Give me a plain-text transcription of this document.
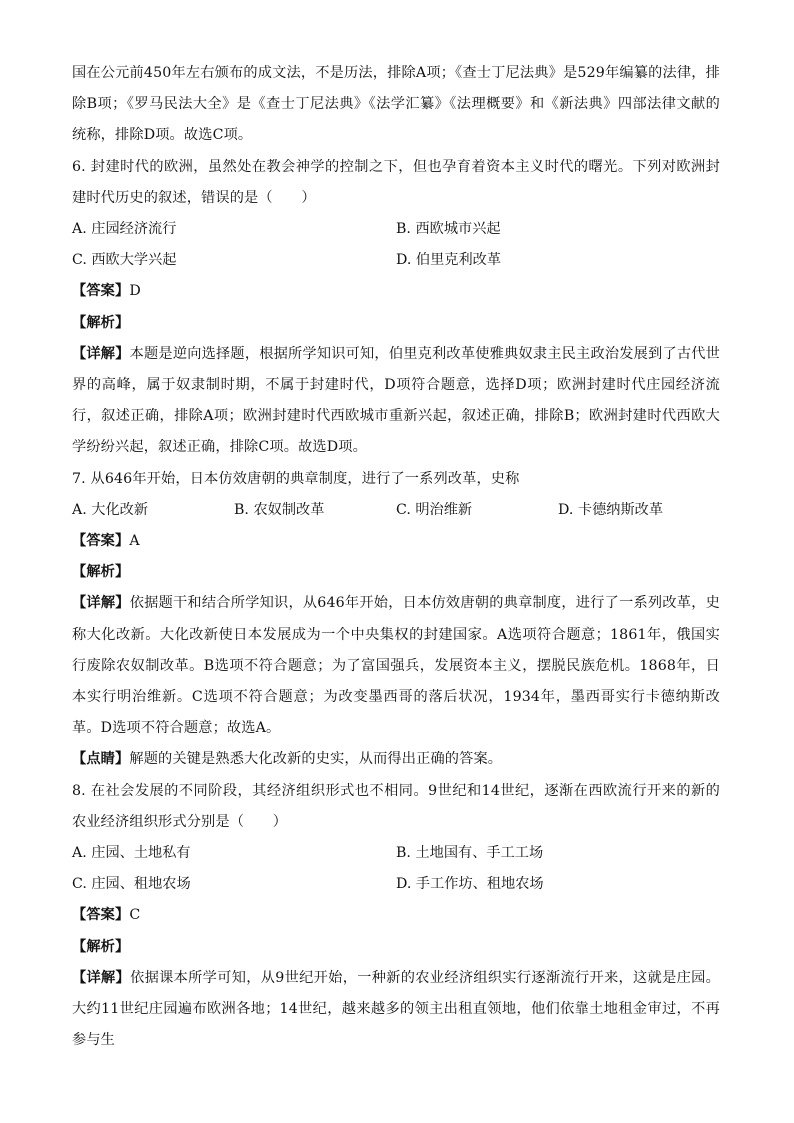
国在公元前450年左右颁布的成文法，不是历法，排除A项；《查士丁尼法典》是529年编纂的法律，排除B项；《罗马民法大全》是《查士丁尼法典》《法学汇纂》《法理概要》和《新法典》四部法律文献的统称，排除D项。故选C项。

6. 封建时代的欧洲，虽然处在教会神学的控制之下，但也孕育着资本主义时代的曙光。下列对欧洲封建时代历史的叙述，错误的是（　　）

A. 庄园经济流行	B. 西欧城市兴起
C. 西欧大学兴起	D. 伯里克利改革

【答案】D

【解析】

【详解】本题是逆向选择题，根据所学知识可知，伯里克利改革使雅典奴隶主民主政治发展到了古代世界的高峰，属于奴隶制时期，不属于封建时代，D项符合题意，选择D项；欧洲封建时代庄园经济流行，叙述正确，排除A项；欧洲封建时代西欧城市重新兴起，叙述正确，排除B；欧洲封建时代西欧大学纷纷兴起，叙述正确，排除C项。故选D项。

7. 从646年开始，日本仿效唐朝的典章制度，进行了一系列改革，史称

A. 大化改新	B. 农奴制改革	C. 明治维新	D. 卡德纳斯改革

【答案】A

【解析】

【详解】依据题干和结合所学知识，从646年开始，日本仿效唐朝的典章制度，进行了一系列改革，史称大化改新。大化改新使日本发展成为一个中央集权的封建国家。A选项符合题意；1861年，俄国实行废除农奴制改革。B选项不符合题意；为了富国强兵，发展资本主义，摆脱民族危机。1868年，日本实行明治维新。C选项不符合题意；为改变墨西哥的落后状况，1934年，墨西哥实行卡德纳斯改革。D选项不符合题意；故选A。

【点睛】解题的关键是熟悉大化改新的史实，从而得出正确的答案。

8. 在社会发展的不同阶段，其经济组织形式也不相同。9世纪和14世纪，逐渐在西欧流行开来的新的农业经济组织形式分别是（　　）

A. 庄园、土地私有	B. 土地国有、手工工场
C. 庄园、租地农场	D. 手工作坊、租地农场

【答案】C

【解析】

【详解】依据课本所学可知，从9世纪开始，一种新的农业经济组织实行逐渐流行开来，这就是庄园。大约11世纪庄园遍布欧洲各地；14世纪，越来越多的领主出租直领地，他们依靠土地租金审过，不再参与生
